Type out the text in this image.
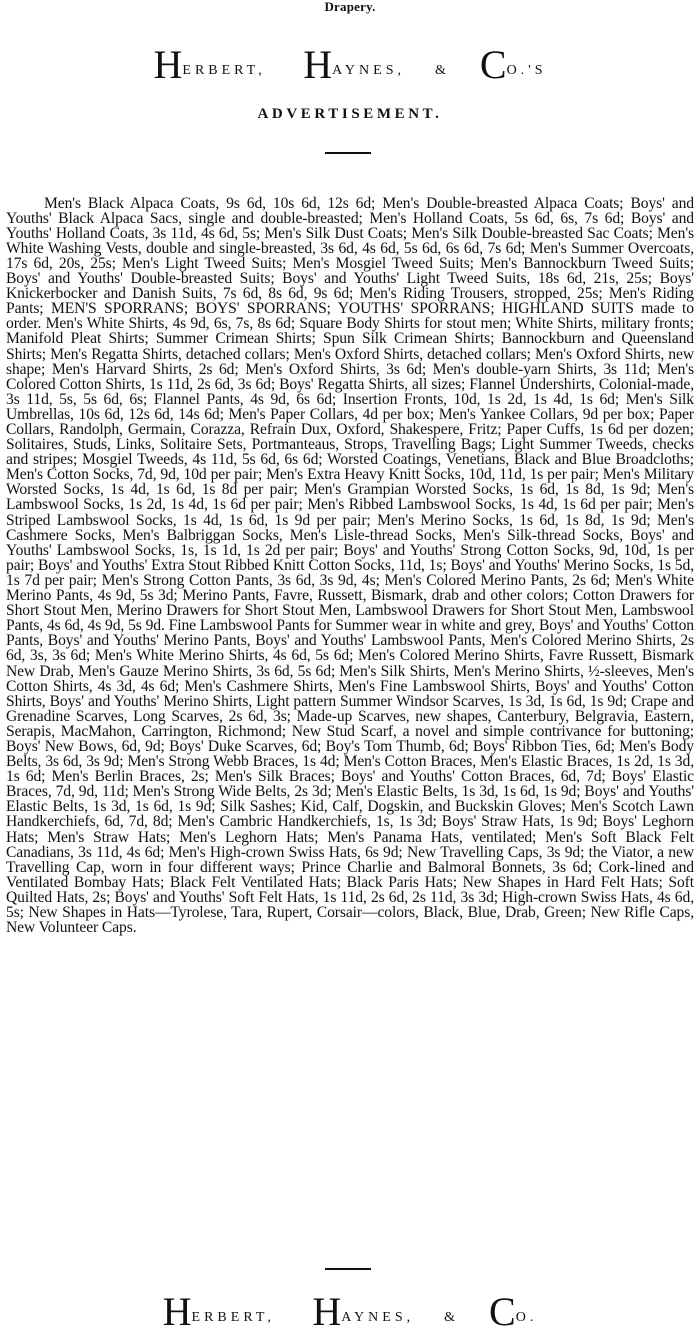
Drapery.
HERBERT, HAYNES, & CO.'S
ADVERTISEMENT.

Men's Black Alpaca Coats, 9s 6d, 10s 6d, 12s 6d; Men's Double-breasted Alpaca Coats; Boys' and Youths' Black Alpaca Sacs, single and double-breasted; Men's Holland Coats, 5s 6d, 6s, 7s 6d; Boys' and Youths' Holland Coats, 3s 11d, 4s 6d, 5s; Men's Silk Dust Coats; Men's Silk Double-breasted Sac Coats; Men's White Washing Vests, double and single-breasted, 3s 6d, 4s 6d, 5s 6d, 6s 6d, 7s 6d; Men's Summer Overcoats, 17s 6d, 20s, 25s; Men's Light Tweed Suits; Men's Mosgiel Tweed Suits; Men's Bannockburn Tweed Suits; Boys' and Youths' Double-breasted Suits; Boys' and Youths' Light Tweed Suits, 18s 6d, 21s, 25s; Boys' Knickerbocker and Danish Suits, 7s 6d, 8s 6d, 9s 6d; Men's Riding Trousers, stropped, 25s; Men's Riding Pants; MEN'S SPORRANS; BOYS' SPORRANS; YOUTHS' SPORRANS; HIGHLAND SUITS made to order. Men's White Shirts, 4s 9d, 6s, 7s, 8s 6d; Square Body Shirts for stout men; White Shirts, military fronts; Manifold Pleat Shirts; Summer Crimean Shirts; Spun Silk Crimean Shirts; Bannockburn and Queensland Shirts; Men's Regatta Shirts, detached collars; Men's Oxford Shirts, detached collars; Men's Oxford Shirts, new shape; Men's Harvard Shirts, 2s 6d; Men's Oxford Shirts, 3s 6d; Men's double-yarn Shirts, 3s 11d; Men's Colored Cotton Shirts, 1s 11d, 2s 6d, 3s 6d; Boys' Regatta Shirts, all sizes; Flannel Undershirts, Colonial-made, 3s 11d, 5s, 5s 6d, 6s; Flannel Pants, 4s 9d, 6s 6d; Insertion Fronts, 10d, 1s 2d, 1s 4d, 1s 6d; Men's Silk Umbrellas, 10s 6d, 12s 6d, 14s 6d; Men's Paper Collars, 4d per box; Men's Yankee Collars, 9d per box; Paper Collars, Randolph, Germain, Corazza, Refrain Dux, Oxford, Shakespere, Fritz; Paper Cuffs, 1s 6d per dozen; Solitaires, Studs, Links, Solitaire Sets, Portmanteaus, Strops, Travelling Bags; Light Summer Tweeds, checks and stripes; Mosgiel Tweeds, 4s 11d, 5s 6d, 6s 6d; Worsted Coatings, Venetians, Black and Blue Broadcloths; Men's Cotton Socks, 7d, 9d, 10d per pair; Men's Extra Heavy Knitt Socks, 10d, 11d, 1s per pair; Men's Military Worsted Socks, 1s 4d, 1s 6d, 1s 8d per pair; Men's Grampian Worsted Socks, 1s 6d, 1s 8d, 1s 9d; Men's Lambswool Socks, 1s 2d, 1s 4d, 1s 6d per pair; Men's Ribbed Lambswool Socks, 1s 4d, 1s 6d per pair; Men's Striped Lambswool Socks, 1s 4d, 1s 6d, 1s 9d per pair; Men's Merino Socks, 1s 6d, 1s 8d, 1s 9d; Men's Cashmere Socks, Men's Balbriggan Socks, Men's Lisle-thread Socks, Men's Silk-thread Socks, Boys' and Youths' Lambswool Socks, 1s, 1s 1d, 1s 2d per pair; Boys' and Youths' Strong Cotton Socks, 9d, 10d, 1s per pair; Boys' and Youths' Extra Stout Ribbed Knitt Cotton Socks, 11d, 1s; Boys' and Youths' Merino Socks, 1s 5d, 1s 7d per pair; Men's Strong Cotton Pants, 3s 6d, 3s 9d, 4s; Men's Colored Merino Pants, 2s 6d; Men's White Merino Pants, 4s 9d, 5s 3d; Merino Pants, Favre, Russett, Bismark, drab and other colors; Cotton Drawers for Short Stout Men, Merino Drawers for Short Stout Men, Lambswool Drawers for Short Stout Men, Lambswool Pants, 4s 6d, 4s 9d, 5s 9d. Fine Lambswool Pants for Summer wear in white and grey, Boys' and Youths' Cotton Pants, Boys' and Youths' Merino Pants, Boys' and Youths' Lambswool Pants, Men's Colored Merino Shirts, 2s 6d, 3s, 3s 6d; Men's White Merino Shirts, 4s 6d, 5s 6d; Men's Colored Merino Shirts, Favre Russett, Bismark New Drab, Men's Gauze Merino Shirts, 3s 6d, 5s 6d; Men's Silk Shirts, Men's Merino Shirts, ½-sleeves, Men's Cotton Shirts, 4s 3d, 4s 6d; Men's Cashmere Shirts, Men's Fine Lambswool Shirts, Boys' and Youths' Cotton Shirts, Boys' and Youths' Merino Shirts, Light pattern Summer Windsor Scarves, 1s 3d, 1s 6d, 1s 9d; Crape and Grenadine Scarves, Long Scarves, 2s 6d, 3s; Made-up Scarves, new shapes, Canterbury, Belgravia, Eastern, Serapis, MacMahon, Carrington, Richmond; New Stud Scarf, a novel and simple contrivance for buttoning; Boys' New Bows, 6d, 9d; Boys' Duke Scarves, 6d; Boy's Tom Thumb, 6d; Boys' Ribbon Ties, 6d; Men's Body Belts, 3s 6d, 3s 9d; Men's Strong Webb Braces, 1s 4d; Men's Cotton Braces, Men's Elastic Braces, 1s 2d, 1s 3d, 1s 6d; Men's Berlin Braces, 2s; Men's Silk Braces; Boys' and Youths' Cotton Braces, 6d, 7d; Boys' Elastic Braces, 7d, 9d, 11d; Men's Strong Wide Belts, 2s 3d; Men's Elastic Belts, 1s 3d, 1s 6d, 1s 9d; Boys' and Youths' Elastic Belts, 1s 3d, 1s 6d, 1s 9d; Silk Sashes; Kid, Calf, Dogskin, and Buckskin Gloves; Men's Scotch Lawn Handkerchiefs, 6d, 7d, 8d; Men's Cambric Handkerchiefs, 1s, 1s 3d; Boys' Straw Hats, 1s 9d; Boys' Leghorn Hats; Men's Straw Hats; Men's Leghorn Hats; Men's Panama Hats, ventilated; Men's Soft Black Felt Canadians, 3s 11d, 4s 6d; Men's High-crown Swiss Hats, 6s 9d; New Travelling Caps, 3s 9d; the Viator, a new Travelling Cap, worn in four different ways; Prince Charlie and Balmoral Bonnets, 3s 6d; Cork-lined and Ventilated Bombay Hats; Black Felt Ventilated Hats; Black Paris Hats; New Shapes in Hard Felt Hats; Soft Quilted Hats, 2s; Boys' and Youths' Soft Felt Hats, 1s 11d, 2s 6d, 2s 11d, 3s 3d; High-crown Swiss Hats, 4s 6d, 5s; New Shapes in Hats—Tyrolese, Tara, Rupert, Corsair—colors, Black, Blue, Drab, Green; New Rifle Caps, New Volunteer Caps.

HERBERT, HAYNES, & CO.
